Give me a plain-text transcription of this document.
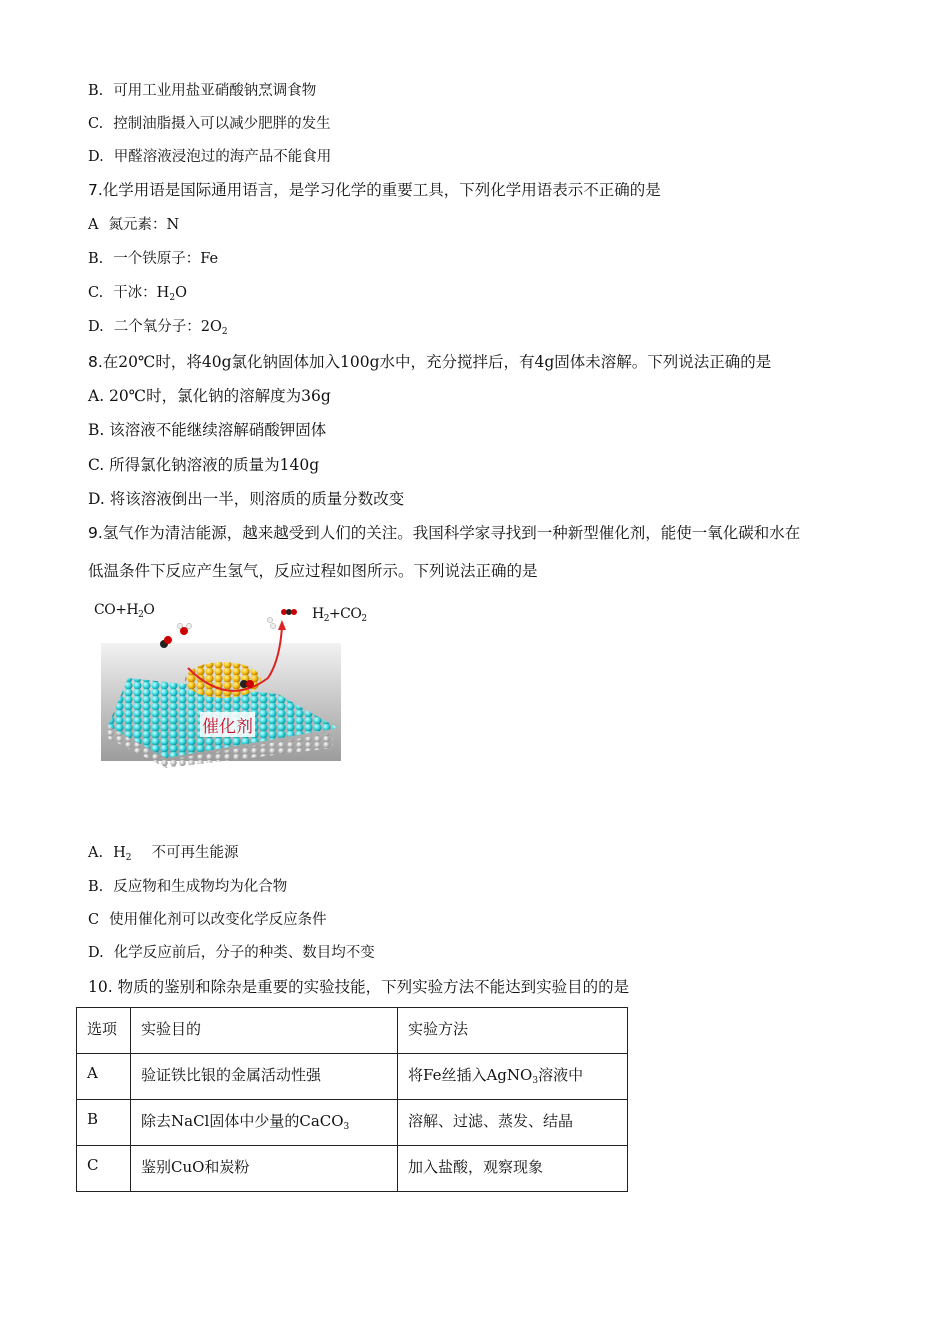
B. 可用工业用盐亚硝酸钠烹调食物
C. 控制油脂摄入可以减少肥胖的发生
D. 甲醛溶液浸泡过的海产品不能食用
7.化学用语是国际通用语言，是学习化学的重要工具，下列化学用语表示不正确的是
A 氮元素：N
B. 一个铁原子：Fe
C. 干冰：$H_2O$
D. 二个氧分子：$2O_2$
8.在20℃时，将40g氯化钠固体加入100g水中，充分搅拌后，有4g固体未溶解。下列说法正确的是
A. 20℃时，氯化钠的溶解度为36g
B. 该溶液不能继续溶解硝酸钾固体
C. 所得氯化钠溶液的质量为140g
D. 将该溶液倒出一半，则溶质的质量分数改变
9.氢气作为清洁能源，越来越受到人们的关注。我国科学家寻找到一种新型催化剂，能使一氧化碳和水在
低温条件下反应产生氢气，反应过程如图所示。下列说法正确的是
$CO+H_2O$	$H_2+CO_2$
催化剂
A. $H_2$ 不可再生能源
B. 反应物和生成物均为化合物
C 使用催化剂可以改变化学反应条件
D. 化学反应前后，分子的种类、数目均不变
10. 物质的鉴别和除杂是重要的实验技能，下列实验方法不能达到实验目的的是
选项	实验目的	实验方法
A	验证铁比银的金属活动性强	将Fe丝插入AgNO$_3$溶液中
B	除去NaCl固体中少量的CaCO$_3$	溶解、过滤、蒸发、结晶
C	鉴别CuO和炭粉	加入盐酸，观察现象
